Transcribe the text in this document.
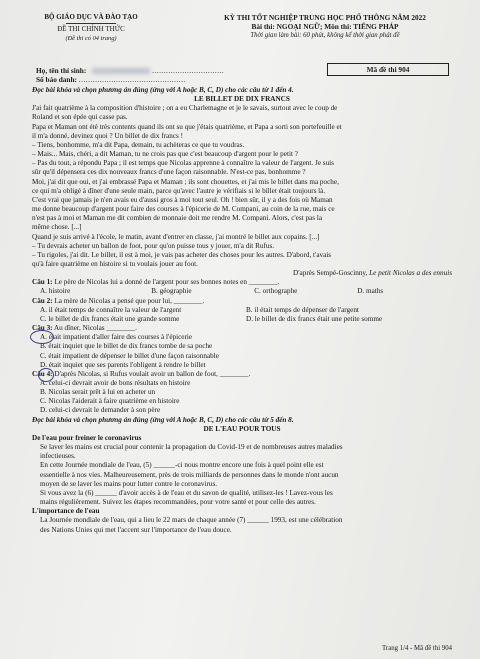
BỘ GIÁO DỤC VÀ ĐÀO TẠO
ĐỀ THI CHÍNH THỨC
(Đề thi có 04 trang)
KỲ THI TỐT NGHIỆP TRUNG HỌC PHỔ THÔNG NĂM 2022
Bài thi: NGOẠI NGỮ; Môn thi: TIẾNG PHÁP
Thời gian làm bài: 60 phút, không kể thời gian phát đề
Họ, tên thí sinh:	...............................
Số báo danh: ..............................................
Mã đề thi 904

Đọc bài khóa và chọn phương án đúng (ứng với A hoặc B, C, D) cho các câu từ 1 đến 4.

LE BILLET DE DIX FRANCS

J'ai fait quatrième à la composition d'histoire ; on a eu Charlemagne et je le savais, surtout avec le coup de

Roland et son épée qui casse pas.

Papa et Maman ont été très contents quand ils ont su que j'étais quatrième, et Papa a sorti son portefeuille et

il m'a donné, devinez quoi ? Un billet de dix francs !

– Tiens, bonhomme, m'a dit Papa, demain, tu achèteras ce que tu voudras.

– Mais... Mais, chéri, a dit Maman, tu ne crois pas que c'est beaucoup d'argent pour le petit ?

– Pas du tout, a répondu Papa ; il est temps que Nicolas apprenne à connaître la valeur de l'argent. Je suis

sûr qu'il dépensera ces dix nouveaux francs d'une façon raisonnable. N'est-ce pas, bonhomme ?

Moi, j'ai dit que oui, et j'ai embrassé Papa et Maman ; ils sont chouettes, et j'ai mis le billet dans ma poche,

ce qui m'a obligé à dîner d'une seule main, parce qu'avec l'autre je vérifiais si le billet était toujours là.

C'est vrai que jamais je n'en avais eu d'aussi gros à moi tout seul. Oh ! bien sûr, il y a des fois où Maman

me donne beaucoup d'argent pour faire des courses à l'épicerie de M. Compani, au coin de la rue, mais ce

n'est pas à moi et Maman me dit combien de monnaie doit me rendre M. Compani. Alors, c'est pas la

même chose. [...]

Quand je suis arrivé à l'école, le matin, avant d'entrer en classe, j'ai montré le billet aux copains. [...]

– Tu devrais acheter un ballon de foot, pour qu'on puisse tous y jouer, m'a dit Rufus.

– Tu rigoles, j'ai dit. Le billet, il est à moi, je vais pas acheter des choses pour les autres. D'abord, t'avais

qu'à faire quatrième en histoire si tu voulais jouer au foot.

D'après Sempé-Goscinny, Le petit Nicolas a des ennuis

Câu 1: Le père de Nicolas lui a donné de l'argent pour ses bonnes notes en ________.

A. histoire	B. géographie	C. orthographe	D. maths

Câu 2: La mère de Nicolas a pensé que pour lui, ________.

A. il était temps de connaître la valeur de l'argent	B. il était temps de dépenser de l'argent
C. le billet de dix francs était une grande somme	D. le billet de dix francs était une petite somme

Câu 3: Au dîner, Nicolas ________.

A. était impatient d'aller faire des courses à l'épicerie
B. était inquiet que le billet de dix francs tombe de sa poche
C. était impatient de dépenser le billet d'une façon raisonnable
D. était inquiet que ses parents l'obligent à rendre le billet

Câu 4: D'après Nicolas, si Rufus voulait avoir un ballon de foot, ________.

A. celui-ci devrait avoir de bons résultats en histoire
B. Nicolas serait prêt à lui en acheter un
C. Nicolas l'aiderait à faire quatrième en histoire
D. celui-ci devrait le demander à son père

Đọc bài khóa và chọn phương án đúng (ứng với A hoặc B, C, D) cho các câu từ 5 đến 8.

DE L'EAU POUR TOUS

De l'eau pour freiner le coronavirus

Se laver les mains est crucial pour contenir la propagation du Covid-19 et de nombreuses autres maladies

infectieuses.

En cette Journée mondiale de l'eau, (5) ______-ci nous montre encore une fois à quel point elle est

essentielle à nos vies. Malheureusement, près de trois milliards de personnes dans le monde n'ont aucun

moyen de se laver les mains pour lutter contre le coronavirus.

Si vous avez la (6) ______ d'avoir accès à de l'eau et du savon de qualité, utilisez-les ! Lavez-vous les

mains régulièrement. Suivez les étapes recommandées, pour votre santé et pour celle des autres.

L'importance de l'eau

La Journée mondiale de l'eau, qui a lieu le 22 mars de chaque année (7) ______ 1993, est une célébration

des Nations Unies qui met l'accent sur l'importance de l'eau douce.

Trang 1/4 - Mã đề thi 904
